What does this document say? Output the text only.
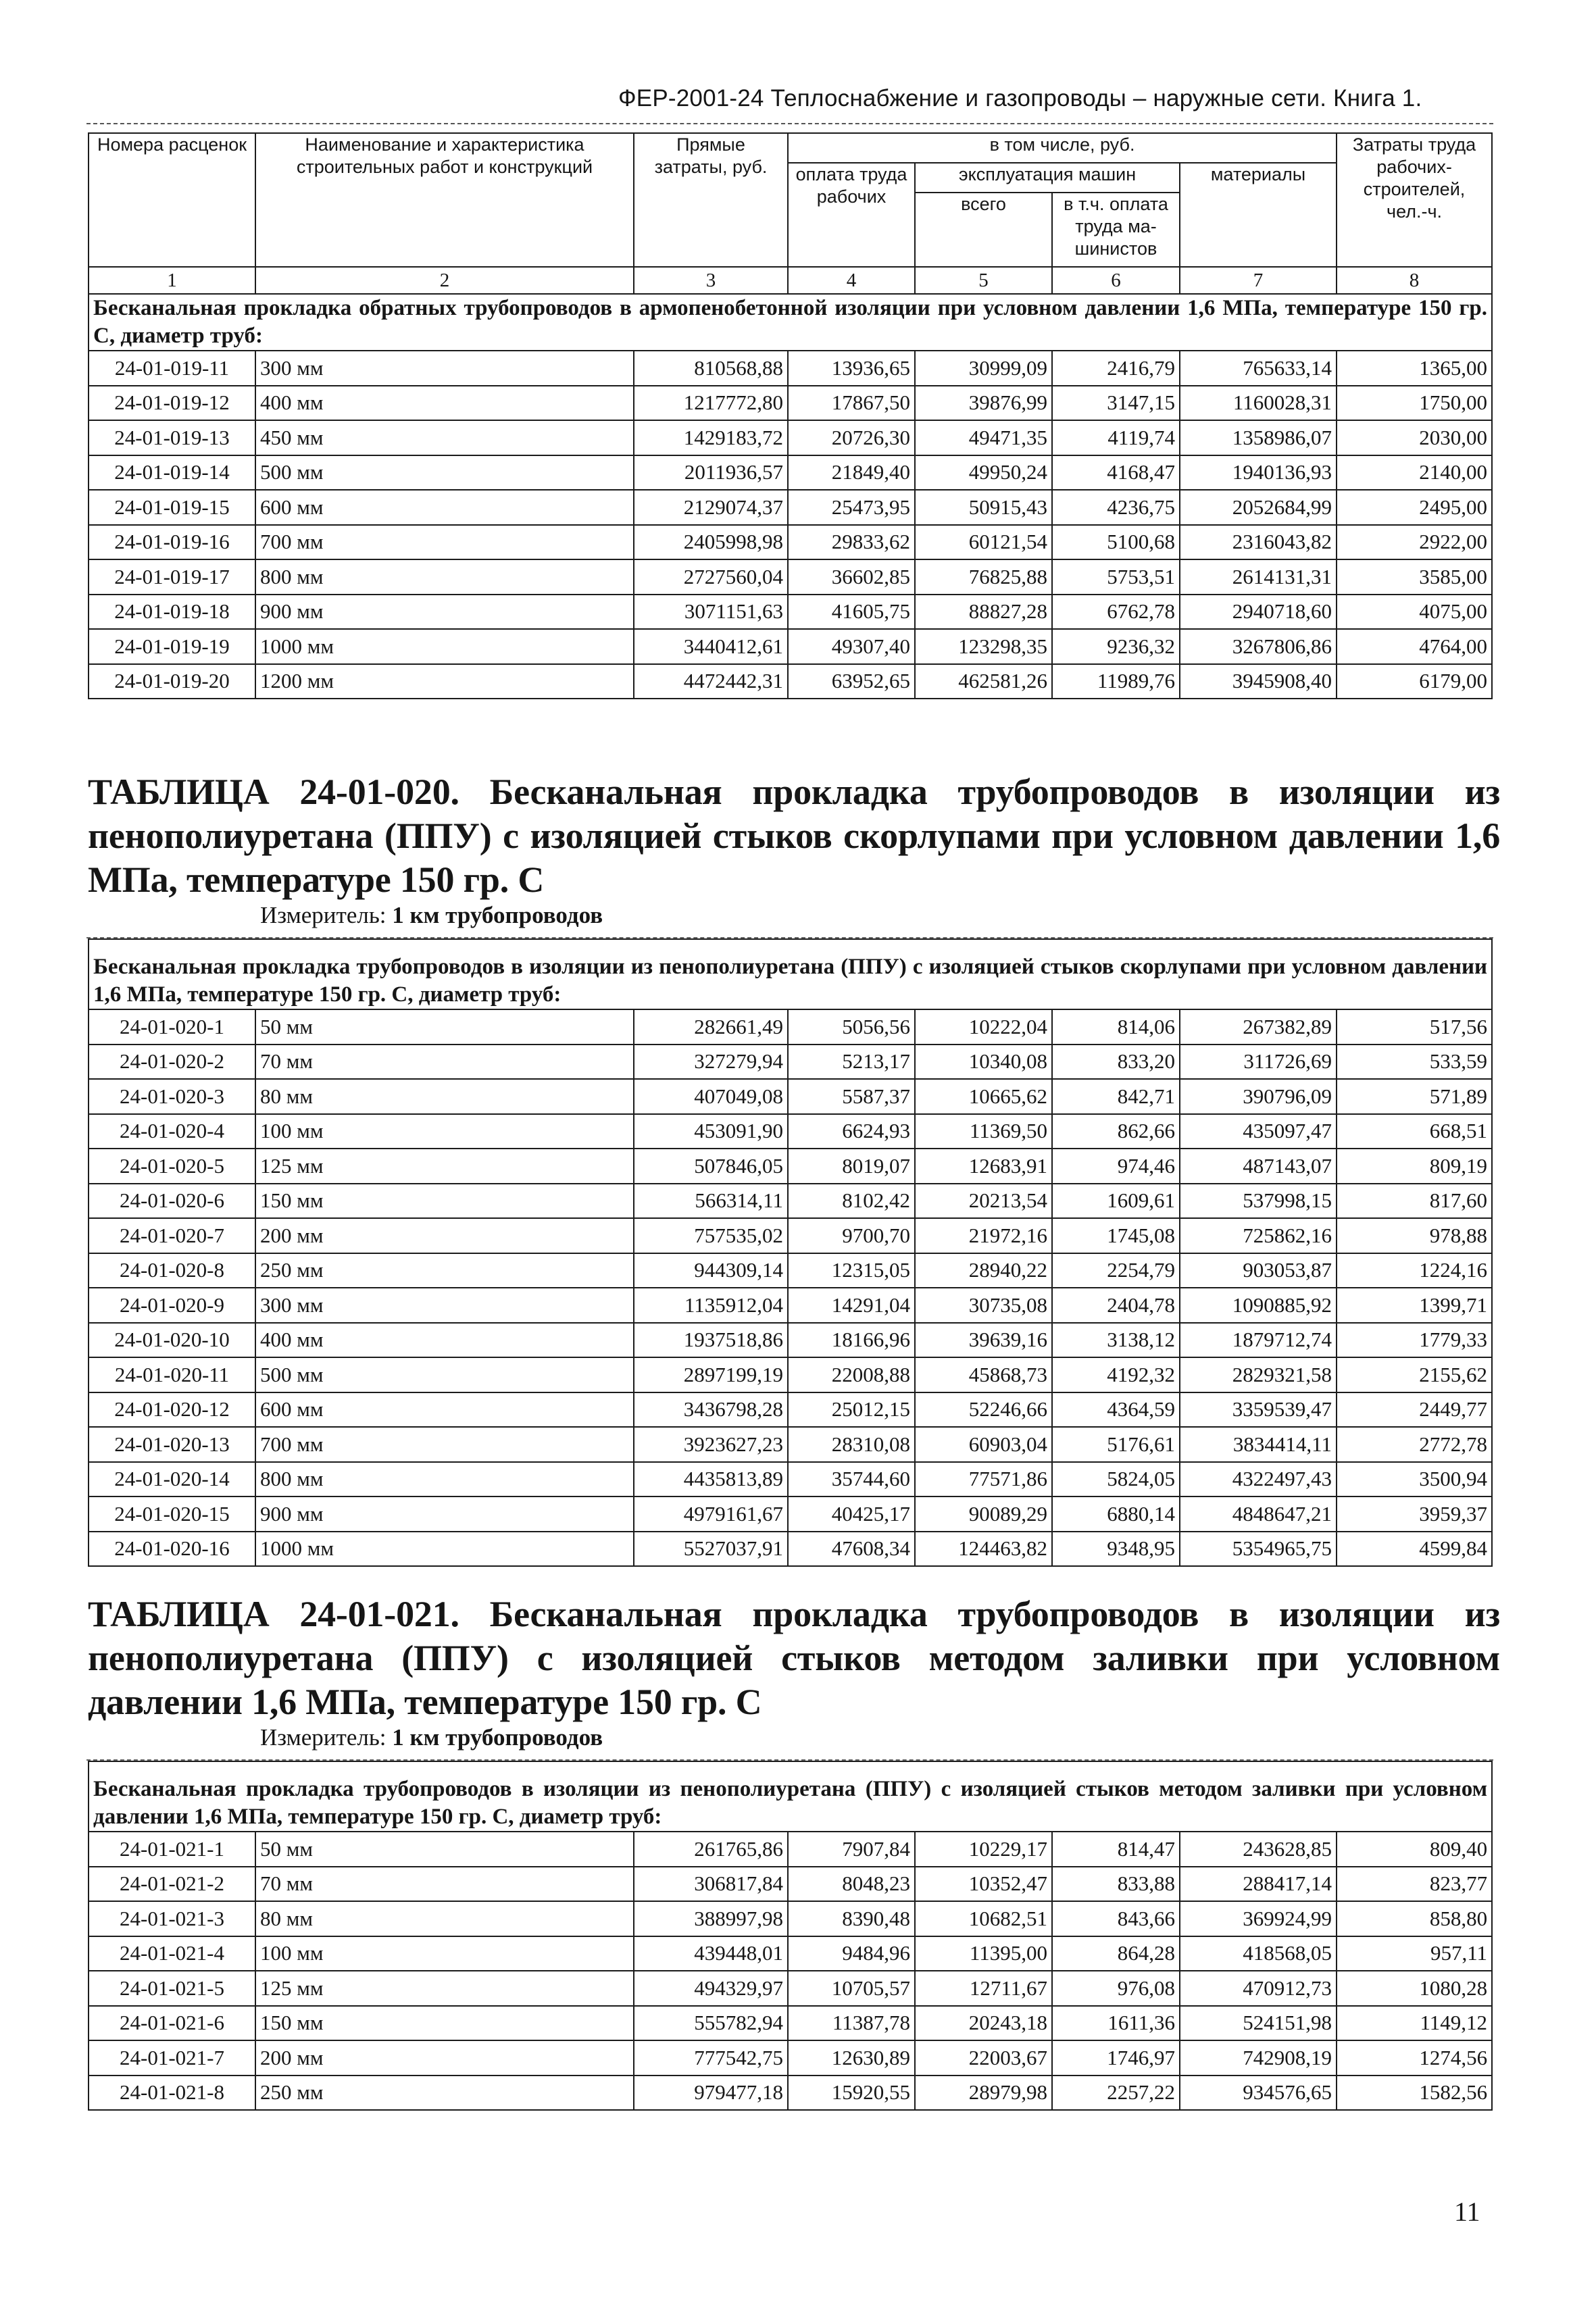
ФЕР-2001-24 Теплоснабжение и газопроводы – наружные сети. Книга 1.
Номера расценок	Наименование и характеристика строительных работ и конструкций	Прямые затраты, руб.	в том числе, руб.				Затраты труда рабочих-строителей, чел.-ч.
			оплата труда рабочих	эксплуатация машин		материалы	
				всего	в т.ч. оплата труда ма-шинистов		
1	2	3	4	5	6	7	8
Бесканальная прокладка обратных трубопроводов в армопенобетонной изоляции при условном давлении 1,6 МПа, температуре 150 гр. С, диаметр труб:							
24-01-019-11	300 мм	810568,88	13936,65	30999,09	2416,79	765633,14	1365,00
24-01-019-12	400 мм	1217772,80	17867,50	39876,99	3147,15	1160028,31	1750,00
24-01-019-13	450 мм	1429183,72	20726,30	49471,35	4119,74	1358986,07	2030,00
24-01-019-14	500 мм	2011936,57	21849,40	49950,24	4168,47	1940136,93	2140,00
24-01-019-15	600 мм	2129074,37	25473,95	50915,43	4236,75	2052684,99	2495,00
24-01-019-16	700 мм	2405998,98	29833,62	60121,54	5100,68	2316043,82	2922,00
24-01-019-17	800 мм	2727560,04	36602,85	76825,88	5753,51	2614131,31	3585,00
24-01-019-18	900 мм	3071151,63	41605,75	88827,28	6762,78	2940718,60	4075,00
24-01-019-19	1000 мм	3440412,61	49307,40	123298,35	9236,32	3267806,86	4764,00
24-01-019-20	1200 мм	4472442,31	63952,65	462581,26	11989,76	3945908,40	6179,00
ТАБЛИЦА 24-01-020. Бесканальная прокладка трубопроводов в изоляции из пенополиуретана (ППУ) с изоляцией стыков скорлупами при условном давлении 1,6 МПа, температуре 150 гр. С
Измеритель: 1 км трубопроводов
Бесканальная прокладка трубопроводов в изоляции из пенополиуретана (ППУ) с изоляцией стыков скорлупами при условном давлении 1,6 МПа, температуре 150 гр. С, диаметр труб:							
24-01-020-1	50 мм	282661,49	5056,56	10222,04	814,06	267382,89	517,56
24-01-020-2	70 мм	327279,94	5213,17	10340,08	833,20	311726,69	533,59
24-01-020-3	80 мм	407049,08	5587,37	10665,62	842,71	390796,09	571,89
24-01-020-4	100 мм	453091,90	6624,93	11369,50	862,66	435097,47	668,51
24-01-020-5	125 мм	507846,05	8019,07	12683,91	974,46	487143,07	809,19
24-01-020-6	150 мм	566314,11	8102,42	20213,54	1609,61	537998,15	817,60
24-01-020-7	200 мм	757535,02	9700,70	21972,16	1745,08	725862,16	978,88
24-01-020-8	250 мм	944309,14	12315,05	28940,22	2254,79	903053,87	1224,16
24-01-020-9	300 мм	1135912,04	14291,04	30735,08	2404,78	1090885,92	1399,71
24-01-020-10	400 мм	1937518,86	18166,96	39639,16	3138,12	1879712,74	1779,33
24-01-020-11	500 мм	2897199,19	22008,88	45868,73	4192,32	2829321,58	2155,62
24-01-020-12	600 мм	3436798,28	25012,15	52246,66	4364,59	3359539,47	2449,77
24-01-020-13	700 мм	3923627,23	28310,08	60903,04	5176,61	3834414,11	2772,78
24-01-020-14	800 мм	4435813,89	35744,60	77571,86	5824,05	4322497,43	3500,94
24-01-020-15	900 мм	4979161,67	40425,17	90089,29	6880,14	4848647,21	3959,37
24-01-020-16	1000 мм	5527037,91	47608,34	124463,82	9348,95	5354965,75	4599,84
ТАБЛИЦА 24-01-021. Бесканальная прокладка трубопроводов в изоляции из пенополиуретана (ППУ) с изоляцией стыков методом заливки при условном давлении 1,6 МПа, температуре 150 гр. С
Измеритель: 1 км трубопроводов
Бесканальная прокладка трубопроводов в изоляции из пенополиуретана (ППУ) с изоляцией стыков методом заливки при условном давлении 1,6 МПа, температуре 150 гр. С, диаметр труб:							
24-01-021-1	50 мм	261765,86	7907,84	10229,17	814,47	243628,85	809,40
24-01-021-2	70 мм	306817,84	8048,23	10352,47	833,88	288417,14	823,77
24-01-021-3	80 мм	388997,98	8390,48	10682,51	843,66	369924,99	858,80
24-01-021-4	100 мм	439448,01	9484,96	11395,00	864,28	418568,05	957,11
24-01-021-5	125 мм	494329,97	10705,57	12711,67	976,08	470912,73	1080,28
24-01-021-6	150 мм	555782,94	11387,78	20243,18	1611,36	524151,98	1149,12
24-01-021-7	200 мм	777542,75	12630,89	22003,67	1746,97	742908,19	1274,56
24-01-021-8	250 мм	979477,18	15920,55	28979,98	2257,22	934576,65	1582,56
11
